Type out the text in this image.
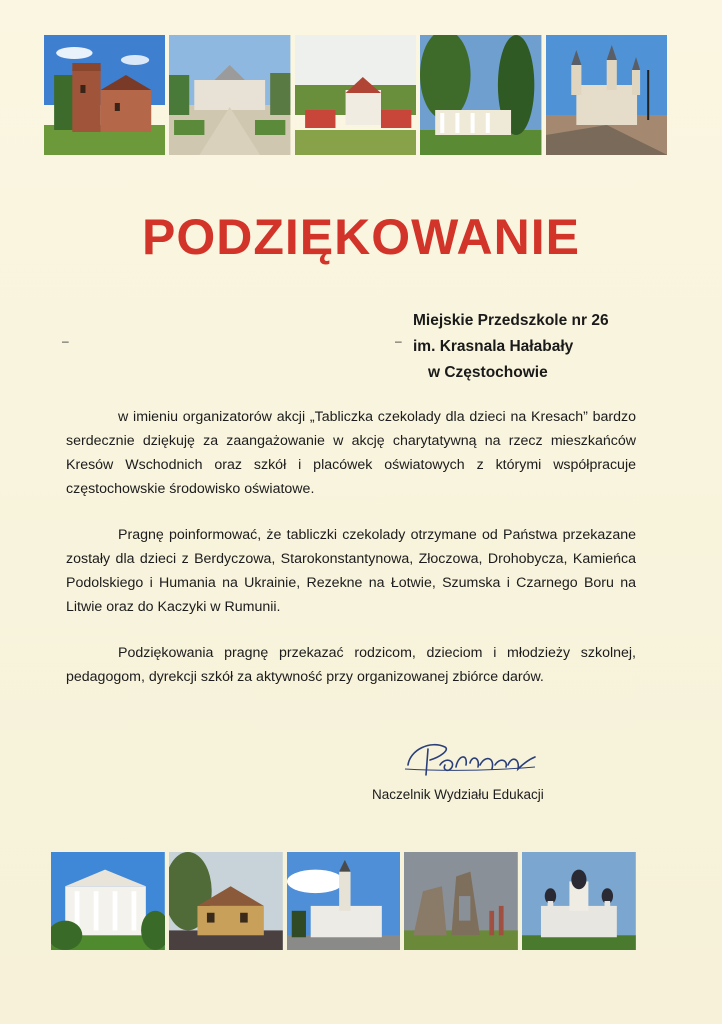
PODZIĘKOWANIE
–	–
Miejskie Przedszkole nr 26
im. Krasnala Hałabały
w Częstochowie

w imieniu organizatorów akcji „Tabliczka czekolady dla dzieci na Kresach” bardzo serdecznie dziękuję za zaangażowanie w akcję charytatywną na rzecz mieszkańców Kresów Wschodnich oraz szkół i placówek oświatowych z którymi współpracuje częstochowskie środowisko oświatowe.

Pragnę poinformować, że tabliczki czekolady otrzymane od Państwa przekazane zostały dla dzieci z Berdyczowa, Starokonstantynowa, Złoczowa, Drohobycza, Kamieńca Podolskiego i Humania na Ukrainie, Rezekne na Łotwie, Szumska i Czarnego Boru na Litwie oraz do Kaczyki w Rumunii.

Podziękowania pragnę przekazać rodzicom, dzieciom i młodzieży szkolnej, pedagogom, dyrekcji szkół za aktywność przy organizowanej zbiórce darów.

Naczelnik Wydziału Edukacji
